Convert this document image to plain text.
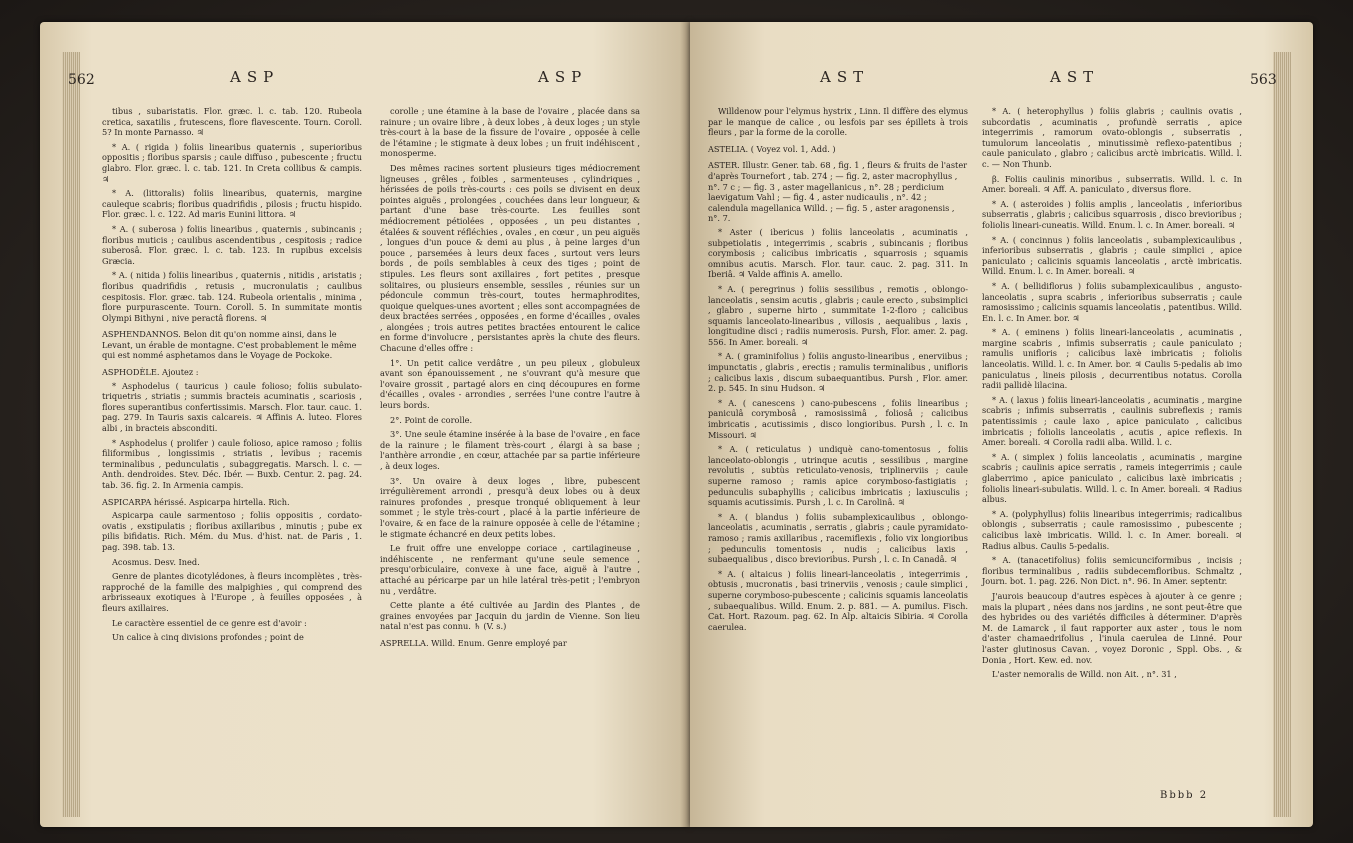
562	ASP	ASP

tibus , subaristatis. Flor. græc. l. c. tab. 120. Rubeola cretica, saxatilis , frutescens, flore flavescente. Tourn. Coroll. 5? In monte Parnasso. ♃

* A. ( rigida ) foliis linearibus quaternis , superioribus oppositis ; floribus sparsis ; caule diffuso , pubescente ; fructu glabro. Flor. græc. l. c. tab. 121. In Creta collibus & campis. ♃

* A. (littoralis) foliis linearibus, quaternis, margine cauleque scabris; floribus quadrifidis , pilosis ; fructu hispido. Flor. græc. l. c. 122. Ad maris Eunini littora. ♃

* A. ( suberosa ) foliis linearibus , quaternis , subincanis ; floribus muticis ; caulibus ascendentibus , cespitosis ; radice suberosâ. Flor. græc. l. c. tab. 123. In rupibus excelsis Græcia.

* A. ( nitida ) foliis linearibus , quaternis , nitidis , aristatis ; floribus quadrifidis , retusis , mucronulatis ; caulibus cespitosis. Flor. græc. tab. 124. Rubeola orientalis , minima , flore purpurascente. Tourn. Coroll. 5. In summitate montis Olympi Bithyni , nive peractâ florens. ♃

ASPHENDANNOS. Belon dit qu'on nomme ainsi, dans le Levant, un érable de montagne. C'est probablement le même qui est nommé asphetamos dans le Voyage de Pockoke.

ASPHODÈLE. Ajoutez :

* Asphodelus ( tauricus ) caule folioso; foliis subulato-triquetris , striatis ; summis bracteis acuminatis , scariosis , flores superantibus confertissimis. Marsch. Flor. taur. cauc. 1. pag. 279. In Tauris saxis calcareis. ♃ Affinis A. luteo. Flores albi , in bracteis absconditi.

* Asphodelus ( prolifer ) caule folioso, apice ramoso ; foliis filiformibus , longissimis , striatis , levibus ; racemis terminalibus , pedunculatis , subaggregatis. Marsch. l. c. — Anth. dendroides. Stev. Déc. Ibér. — Buxb. Centur. 2. pag. 24. tab. 36. fig. 2. In Armenia campis.

ASPICARPA hérissé. Aspicarpa hirtella. Rich.

Aspicarpa caule sarmentoso ; foliis oppositis , cordato-ovatis , exstipulatis ; floribus axillaribus , minutis ; pube ex pilis bifidatis. Rich. Mém. du Mus. d'hist. nat. de Paris , 1. pag. 398. tab. 13.

Acosmus. Desv. Ined.

Genre de plantes dicotylédones, à fleurs incomplètes , très-rapproché de la famille des malpighies , qui comprend des arbrisseaux exotiques à l'Europe , à feuilles opposées , à fleurs axillaires.

Le caractère essentiel de ce genre est d'avoir :

Un calice à cinq divisions profondes ; point de

corolle ; une étamine à la base de l'ovaire , placée dans sa rainure ; un ovaire libre , à deux lobes , à deux loges ; un style très-court à la base de la fissure de l'ovaire , opposée à celle de l'étamine ; le stigmate à deux lobes ; un fruit indéhiscent , monosperme.

Des mêmes racines sortent plusieurs tiges médiocrement ligneuses , grêles , foibles , sarmenteuses , cylindriques , hérissées de poils très-courts : ces poils se divisent en deux pointes aiguës , prolongées , couchées dans leur longueur, & partant d'une base très-courte. Les feuilles sont médiocrement pétiolées , opposées , un peu distantes , étalées & souvent réfléchies , ovales , en cœur , un peu aiguës , longues d'un pouce & demi au plus , à peine larges d'un pouce , parsemées à leurs deux faces , surtout vers leurs bords , de poils semblables à ceux des tiges ; point de stipules. Les fleurs sont axillaires , fort petites , presque solitaires, ou plusieurs ensemble, sessiles , réunies sur un pédoncule commun très-court, toutes hermaphrodites, quoique quelques-unes avortent ; elles sont accompagnées de deux bractées serrées , opposées , en forme d'écailles , ovales , alongées ; trois autres petites bractées entourent le calice en forme d'involucre , persistantes après la chute des fleurs. Chacune d'elles offre :

1°. Un petit calice verdâtre , un peu pileux , globuleux avant son épanouissement , ne s'ouvrant qu'à mesure que l'ovaire grossit , partagé alors en cinq découpures en forme d'écailles , ovales - arrondies , serrées l'une contre l'autre à leurs bords.

2°. Point de corolle.

3°. Une seule étamine insérée à la base de l'ovaire , en face de la rainure ; le filament très-court , élargi à sa base ; l'anthère arrondie , en cœur, attachée par sa partie inférieure , à deux loges.

3°. Un ovaire à deux loges , libre, pubescent irrégulièrement arrondi , presqu'à deux lobes ou à deux rainures profondes , presque tronqué obliquement à leur sommet ; le style très-court , placé à la partie inférieure de l'ovaire, & en face de la rainure opposée à celle de l'étamine ; le stigmate échancré en deux petits lobes.

Le fruit offre une enveloppe coriace , cartilagineuse , indéhiscente , ne renfermant qu'une seule semence , presqu'orbiculaire, convexe à une face, aiguë à l'autre , attaché au péricarpe par un hile latéral très-petit ; l'embryon nu , verdâtre.

Cette plante a été cultivée au Jardin des Plantes , de graines envoyées par Jacquin du jardin de Vienne. Son lieu natal n'est pas connu. ♄ (V. s.)

ASPRELLA. Willd. Enum. Genre employé par

AST	AST	563

Willdenow pour l'elymus hystrix , Linn. Il diffère des elymus par le manque de calice , ou lesfois par ses épillets à trois fleurs , par la forme de la corolle.

ASTELIA. ( Voyez vol. 1, Add. )

ASTER. Illustr. Gener. tab. 68 , fig. 1 , fleurs & fruits de l'aster d'après Tournefort , tab. 274 ; — fig. 2, aster macrophyllus , n°. 7 c ; — fig. 3 , aster magellanicus , n°. 28 ; perdicium laevigatum Vahl ; — fig. 4 , aster nudicaulis , n°. 42 ; calendula magellanica Willd. ; — fig. 5 , aster aragonensis , n°. 7.

* Aster ( ibericus ) foliis lanceolatis , acuminatis , subpetiolatis , integerrimis , scabris , subincanis ; floribus corymbosis ; calicibus imbricatis , squarrosis ; squamis omnibus acutis. Marsch. Flor. taur. cauc. 2. pag. 311. In Iberiâ. ♃ Valde affinis A. amello.

* A. ( peregrinus ) foliis sessilibus , remotis , oblongo-lanceolatis , sensim acutis , glabris ; caule erecto , subsimplici , glabro , superne hirto , summitate 1-2-floro ; calicibus squamis lanceolato-linearibus , villosis , aequalibus , laxis , longitudine disci ; radiis numerosis. Pursh, Flor. amer. 2. pag. 556. In Amer. boreali. ♃

* A. ( graminifolius ) foliis angusto-linearibus , enerviibus ; impunctatis , glabris , erectis ; ramulis terminalibus , unifloris ; calicibus laxis , discum subaequantibus. Pursh , Flor. amer. 2. p. 545. In sinu Hudson. ♃

* A. ( canescens ) cano-pubescens , foliis linearibus ; paniculâ corymbosâ , ramosissimâ , foliosâ ; calicibus imbricatis , acutissimis , disco longioribus. Pursh , l. c. In Missouri. ♃

* A. ( reticulatus ) undiquè cano-tomentosus , foliis lanceolato-oblongis , utrinque acutis , sessilibus , margine revolutis , subtùs reticulato-venosis, triplinerviis ; caule superne ramoso ; ramis apice corymboso-fastigiatis ; pedunculis subaphyllis ; calicibus imbricatis ; laxiusculis ; squamis acutissimis. Pursh , l. c. In Carolinâ. ♃

* A. ( blandus ) foliis subamplexicaulibus , oblongo-lanceolatis , acuminatis , serratis , glabris ; caule pyramidato-ramoso ; ramis axillaribus , racemiflexis , folio vix longioribus ; pedunculis tomentosis , nudis ; calicibus laxis , subaequalibus , disco brevioribus. Pursh , l. c. In Canadâ. ♃

* A. ( altaicus ) foliis lineari-lanceolatis , integerrimis , obtusis , mucronatis , basi trinerviis , venosis ; caule simplici , superne corymboso-pubescente ; calicinis squamis lanceolatis , subaequalibus. Willd. Enum. 2. p. 881. — A. pumilus. Fisch. Cat. Hort. Razoum. pag. 62. In Alp. altaicis Sibiria. ♃ Corolla caerulea.

* A. ( heterophyllus ) foliis glabris ; caulinis ovatis , subcordatis , acuminatis , profundè serratis , apice integerrimis , ramorum ovato-oblongis , subserratis , tumulorum lanceolatis , minutissimè reflexo-patentibus ; caule paniculato , glabro ; calicibus arctè imbricatis. Willd. l. c. — Non Thunb.

β. Foliis caulinis minoribus , subserratis. Willd. l. c. In Amer. boreali. ♃ Aff. A. paniculato , diversus flore.

* A. ( asteroides ) foliis amplis , lanceolatis , inferioribus subserratis , glabris ; calicibus squarrosis , disco brevioribus ; foliolis lineari-cuneatis. Willd. Enum. l. c. In Amer. boreali. ♃

* A. ( concinnus ) foliis lanceolatis , subamplexicaulibus , inferioribus subserratis , glabris ; caule simplici , apice paniculato ; calicinis squamis lanceolatis , arctè imbricatis. Willd. Enum. l. c. In Amer. boreali. ♃

* A. ( bellidiflorus ) foliis subamplexicaulibus , angusto-lanceolatis , supra scabris , inferioribus subserratis ; caule ramosissimo ; calicinis squamis lanceolatis , patentibus. Willd. En. l. c. In Amer. bor. ♃

* A. ( eminens ) foliis lineari-lanceolatis , acuminatis , margine scabris , infimis subserratis ; caule paniculato ; ramulis unifloris ; calicibus laxè imbricatis ; foliolis lanceolatis. Willd. l. c. In Amer. bor. ♃ Caulis 5-pedalis ab imo paniculatus , lineis pilosis , decurrentibus notatus. Corolla radii pallidè lilacina.

* A. ( laxus ) foliis lineari-lanceolatis , acuminatis , margine scabris ; infimis subserratis , caulinis subreflexis ; ramis patentissimis ; caule laxo , apice paniculato , calicibus imbricatis ; foliolis lanceolatis , acutis , apice reflexis. In Amer. boreali. ♃ Corolla radii alba. Willd. l. c.

* A. ( simplex ) foliis lanceolatis , acuminatis , margine scabris ; caulinis apice serratis , rameis integerrimis ; caule glaberrimo , apice paniculato , calicibus laxè imbricatis ; foliolis lineari-subulatis. Willd. l. c. In Amer. boreali. ♃ Radius albus.

* A. (polyphyllus) foliis linearibus integerrimis; radicalibus oblongis , subserratis ; caule ramosissimo , pubescente ; calicibus laxè imbricatis. Willd. l. c. In Amer. boreali. ♃ Radius albus. Caulis 5-pedalis.

* A. (tanacetifolius) foliis semicunciformibus , incisis ; floribus terminalibus , radiis subdecemfloribus. Schmaltz , Journ. bot. 1. pag. 226. Non Dict. n°. 96. In Amer. septentr.

J'aurois beaucoup d'autres espèces à ajouter à ce genre ; mais la plupart , nées dans nos jardins , ne sont peut-être que des hybrides ou des variétés difficiles à déterminer. D'après M. de Lamarck , il faut rapporter aux aster , tous le nom d'aster chamaedrifolius , l'inula caerulea de Linné. Pour l'aster glutinosus Cavan. , voyez Doronic , Sppl. Obs. , & Donia , Hort. Kew. ed. nov.

L'aster nemoralis de Willd. non Ait. , n°. 31 ,

Bbbb 2
